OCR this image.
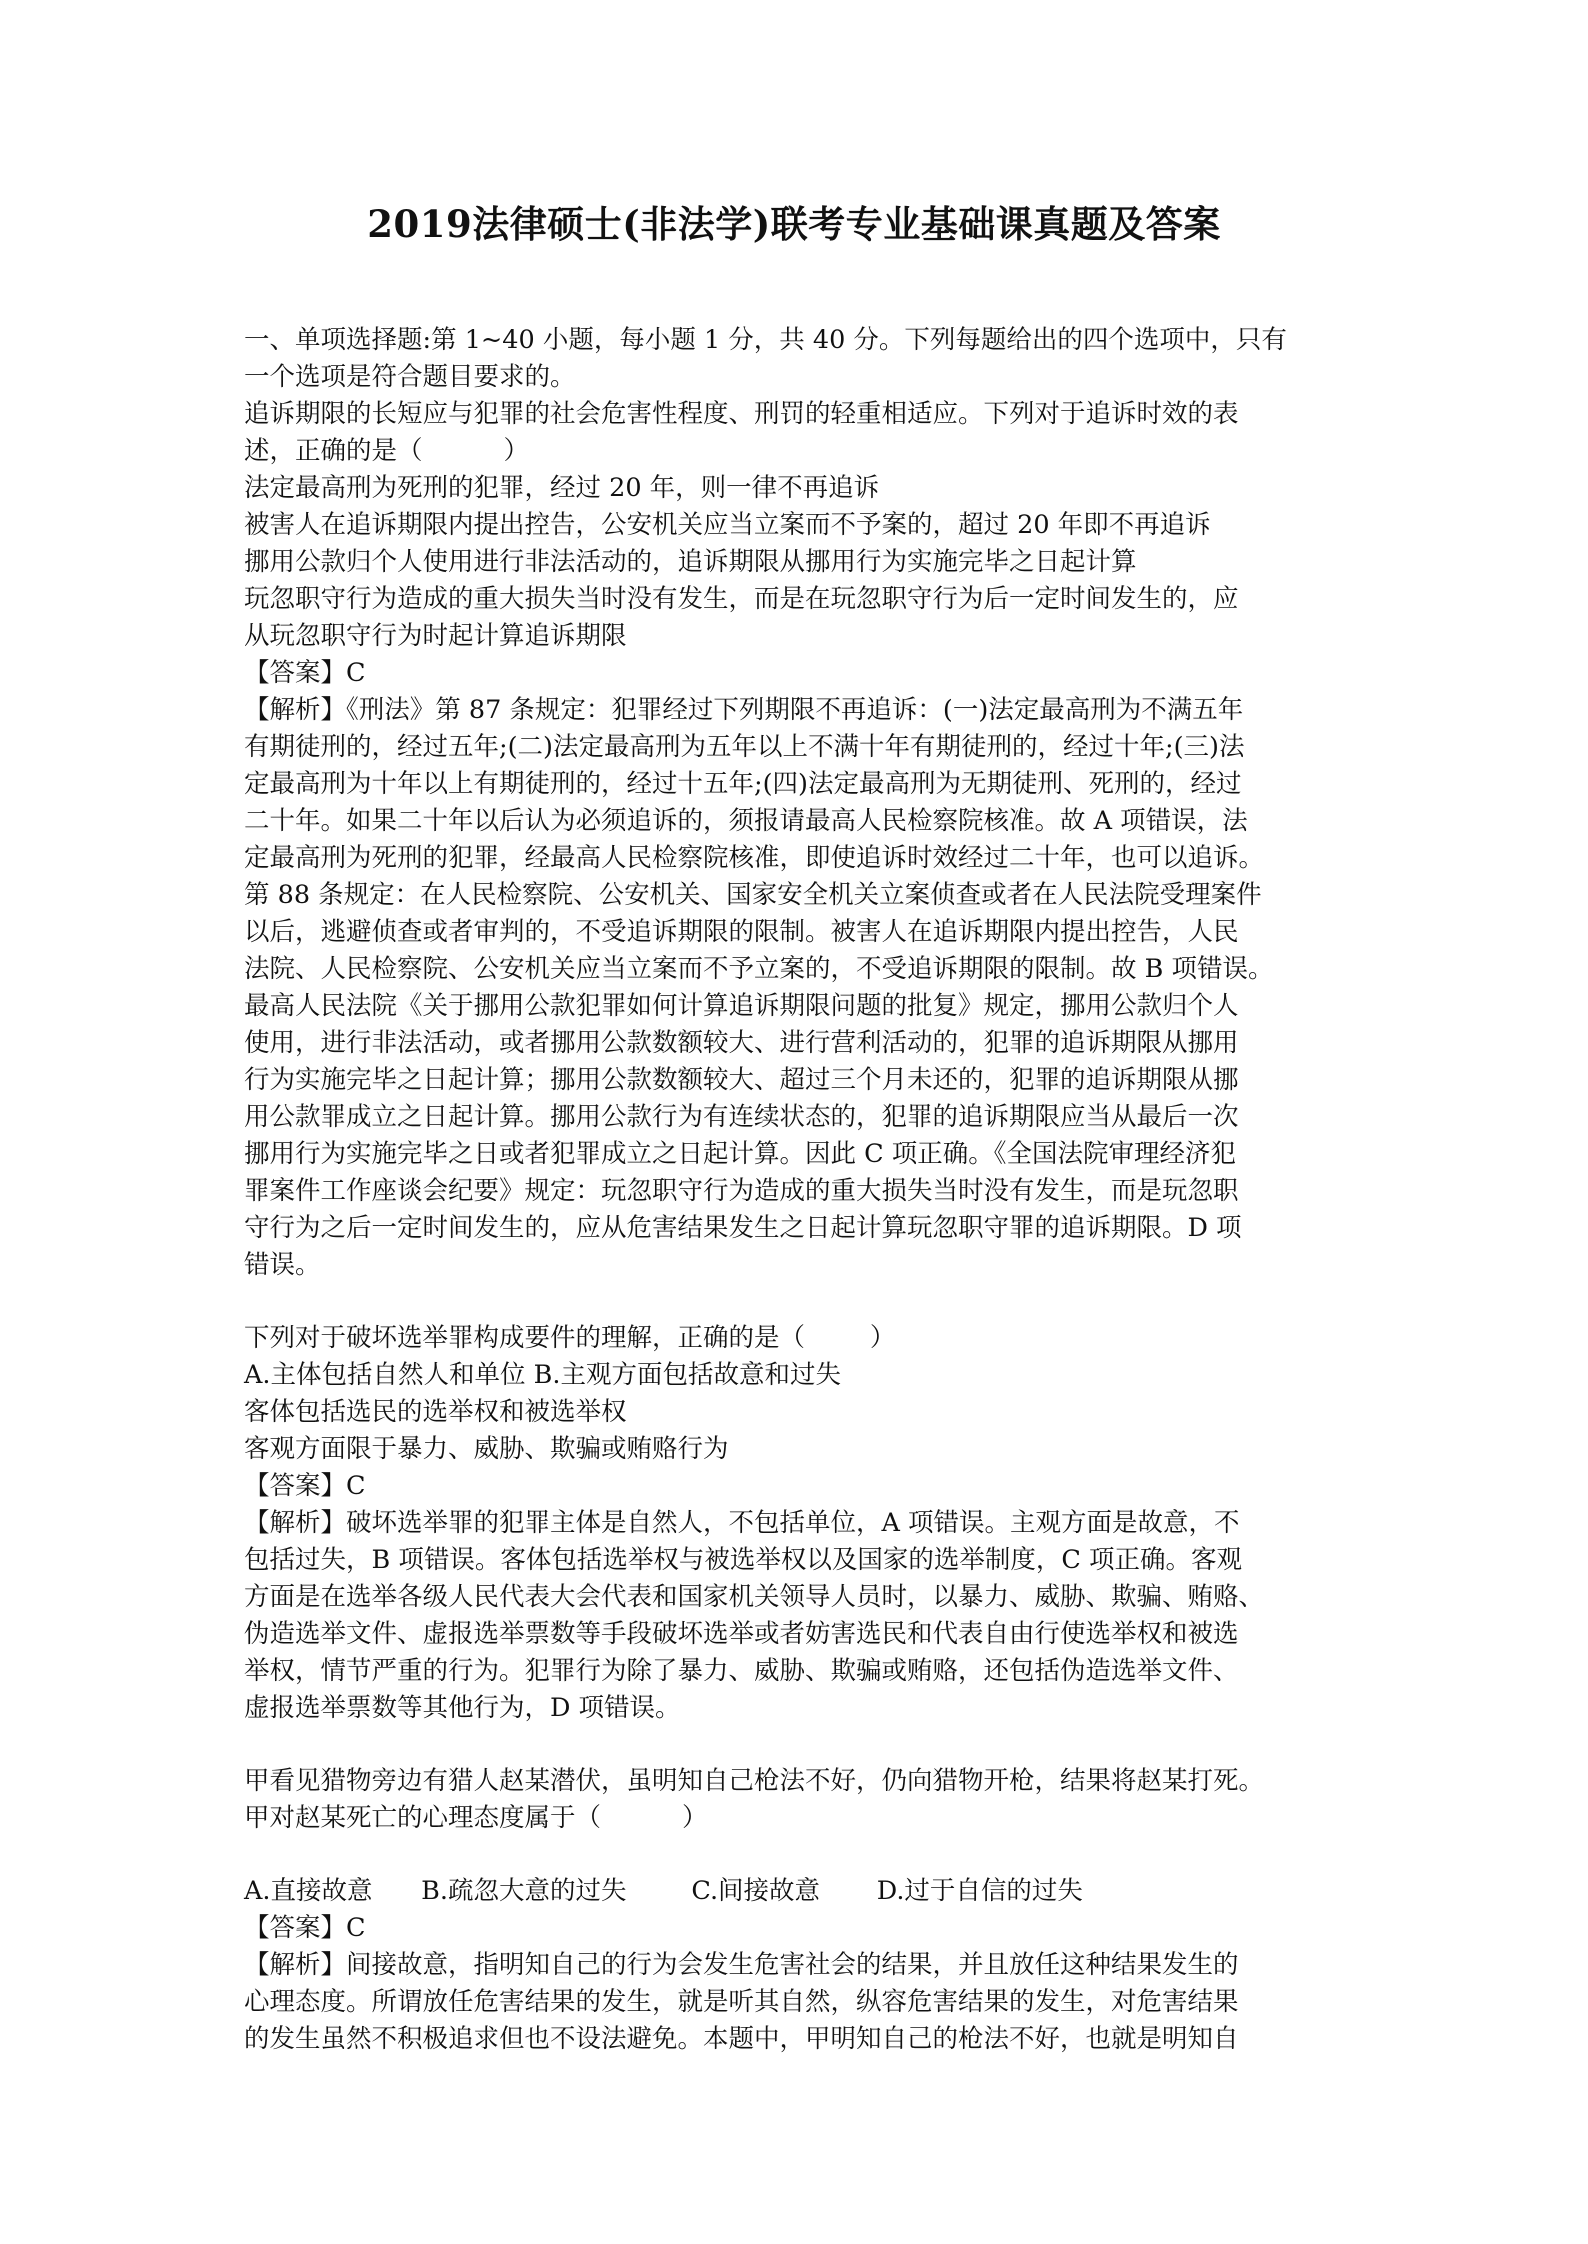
2019法律硕士(非法学)联考专业基础课真题及答案
一、单项选择题:第 1~40 小题，每小题 1 分，共 40 分。下列每题给出的四个选项中，只有
一个选项是符合题目要求的。
追诉期限的长短应与犯罪的社会危害性程度、刑罚的轻重相适应。下列对于追诉时效的表
述，正确的是（          ）
法定最高刑为死刑的犯罪，经过 20 年，则一律不再追诉
被害人在追诉期限内提出控告，公安机关应当立案而不予案的，超过 20 年即不再追诉
挪用公款归个人使用进行非法活动的，追诉期限从挪用行为实施完毕之日起计算
玩忽职守行为造成的重大损失当时没有发生，而是在玩忽职守行为后一定时间发生的，应
从玩忽职守行为时起计算追诉期限
【答案】C
【解析】《刑法》第 87 条规定：犯罪经过下列期限不再追诉：(一)法定最高刑为不满五年
有期徒刑的，经过五年;(二)法定最高刑为五年以上不满十年有期徒刑的，经过十年;(三)法
定最高刑为十年以上有期徒刑的，经过十五年;(四)法定最高刑为无期徒刑、死刑的，经过
二十年。如果二十年以后认为必须追诉的，须报请最高人民检察院核准。故 A 项错误，法
定最高刑为死刑的犯罪，经最高人民检察院核准，即使追诉时效经过二十年，也可以追诉。
第 88 条规定：在人民检察院、公安机关、国家安全机关立案侦查或者在人民法院受理案件
以后，逃避侦查或者审判的，不受追诉期限的限制。被害人在追诉期限内提出控告，人民
法院、人民检察院、公安机关应当立案而不予立案的，不受追诉期限的限制。故 B 项错误。
最高人民法院《关于挪用公款犯罪如何计算追诉期限问题的批复》规定，挪用公款归个人
使用，进行非法活动，或者挪用公款数额较大、进行营利活动的，犯罪的追诉期限从挪用
行为实施完毕之日起计算；挪用公款数额较大、超过三个月未还的，犯罪的追诉期限从挪
用公款罪成立之日起计算。挪用公款行为有连续状态的，犯罪的追诉期限应当从最后一次
挪用行为实施完毕之日或者犯罪成立之日起计算。因此 C 项正确。《全国法院审理经济犯
罪案件工作座谈会纪要》规定：玩忽职守行为造成的重大损失当时没有发生，而是玩忽职
守行为之后一定时间发生的，应从危害结果发生之日起计算玩忽职守罪的追诉期限。D 项
错误。
下列对于破坏选举罪构成要件的理解，正确的是（        ）
A.主体包括自然人和单位 B.主观方面包括故意和过失
客体包括选民的选举权和被选举权
客观方面限于暴力、威胁、欺骗或贿赂行为
【答案】C
【解析】破坏选举罪的犯罪主体是自然人，不包括单位，A 项错误。主观方面是故意，不
包括过失，B 项错误。客体包括选举权与被选举权以及国家的选举制度，C 项正确。客观
方面是在选举各级人民代表大会代表和国家机关领导人员时，以暴力、威胁、欺骗、贿赂、
伪造选举文件、虚报选举票数等手段破坏选举或者妨害选民和代表自由行使选举权和被选
举权，情节严重的行为。犯罪行为除了暴力、威胁、欺骗或贿赂，还包括伪造选举文件、
虚报选举票数等其他行为，D 项错误。
甲看见猎物旁边有猎人赵某潜伏，虽明知自己枪法不好，仍向猎物开枪，结果将赵某打死。
甲对赵某死亡的心理态度属于（          ）
A.直接故意      B.疏忽大意的过失        C.间接故意       D.过于自信的过失
【答案】C
【解析】间接故意，指明知自己的行为会发生危害社会的结果，并且放任这种结果发生的
心理态度。所谓放任危害结果的发生，就是听其自然，纵容危害结果的发生，对危害结果
的发生虽然不积极追求但也不设法避免。本题中，甲明知自己的枪法不好，也就是明知自
